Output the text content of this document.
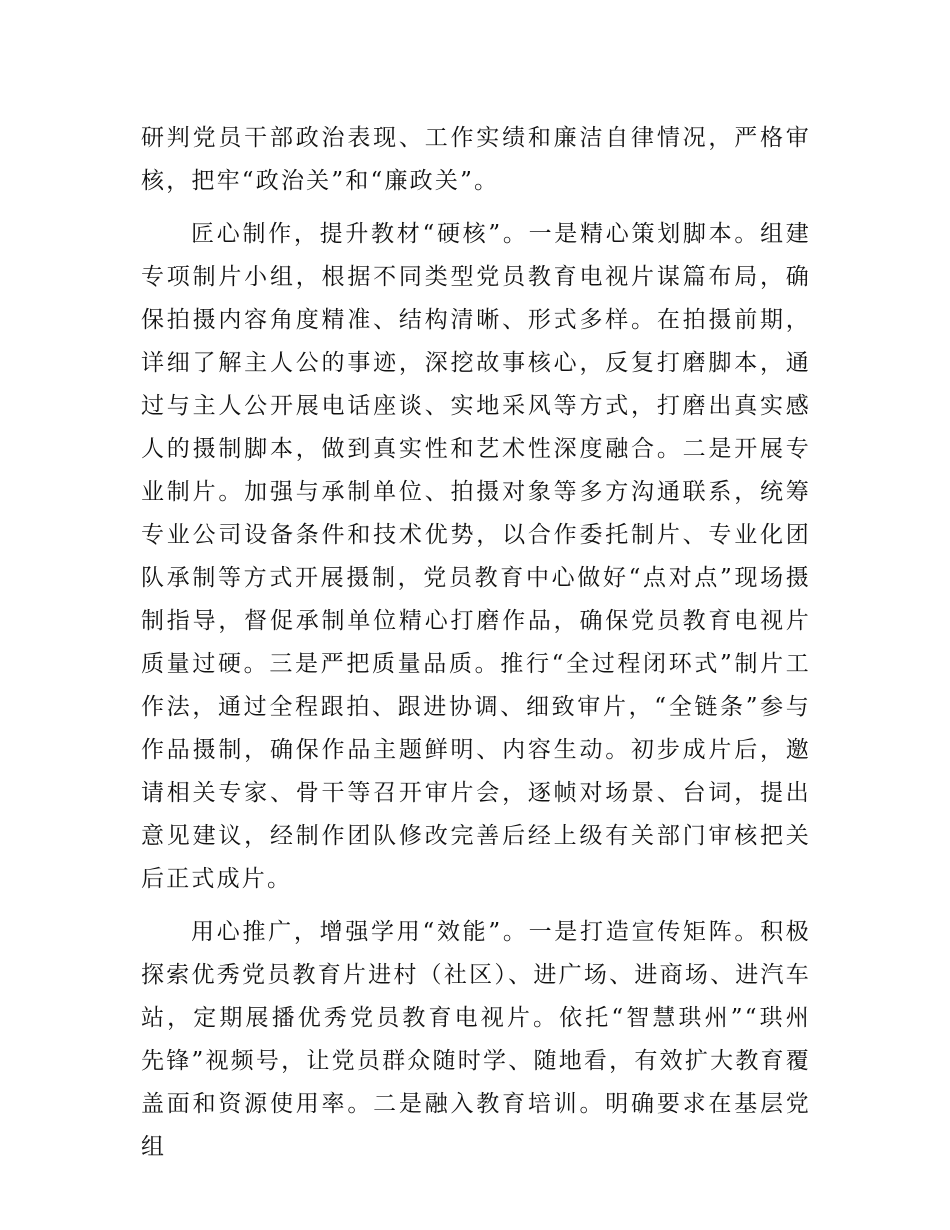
研判党员干部政治表现、工作实绩和廉洁自律情况，严格审核，把牢“政治关”和“廉政关”。

匠心制作，提升教材“硬核”。一是精心策划脚本。组建专项制片小组，根据不同类型党员教育电视片谋篇布局，确保拍摄内容角度精准、结构清晰、形式多样。在拍摄前期，详细了解主人公的事迹，深挖故事核心，反复打磨脚本，通过与主人公开展电话座谈、实地采风等方式，打磨出真实感人的摄制脚本，做到真实性和艺术性深度融合。二是开展专业制片。加强与承制单位、拍摄对象等多方沟通联系，统筹专业公司设备条件和技术优势，以合作委托制片、专业化团队承制等方式开展摄制，党员教育中心做好“点对点”现场摄制指导，督促承制单位精心打磨作品，确保党员教育电视片质量过硬。三是严把质量品质。推行“全过程闭环式”制片工作法，通过全程跟拍、跟进协调、细致审片，“全链条”参与作品摄制，确保作品主题鲜明、内容生动。初步成片后，邀请相关专家、骨干等召开审片会，逐帧对场景、台词，提出意见建议，经制作团队修改完善后经上级有关部门审核把关后正式成片。

用心推广，增强学用“效能”。一是打造宣传矩阵。积极探索优秀党员教育片进村（社区）、进广场、进商场、进汽车站，定期展播优秀党员教育电视片。依托“智慧珙州”“珙州先锋”视频号，让党员群众随时学、随地看，有效扩大教育覆盖面和资源使用率。二是融入教育培训。明确要求在基层党组
